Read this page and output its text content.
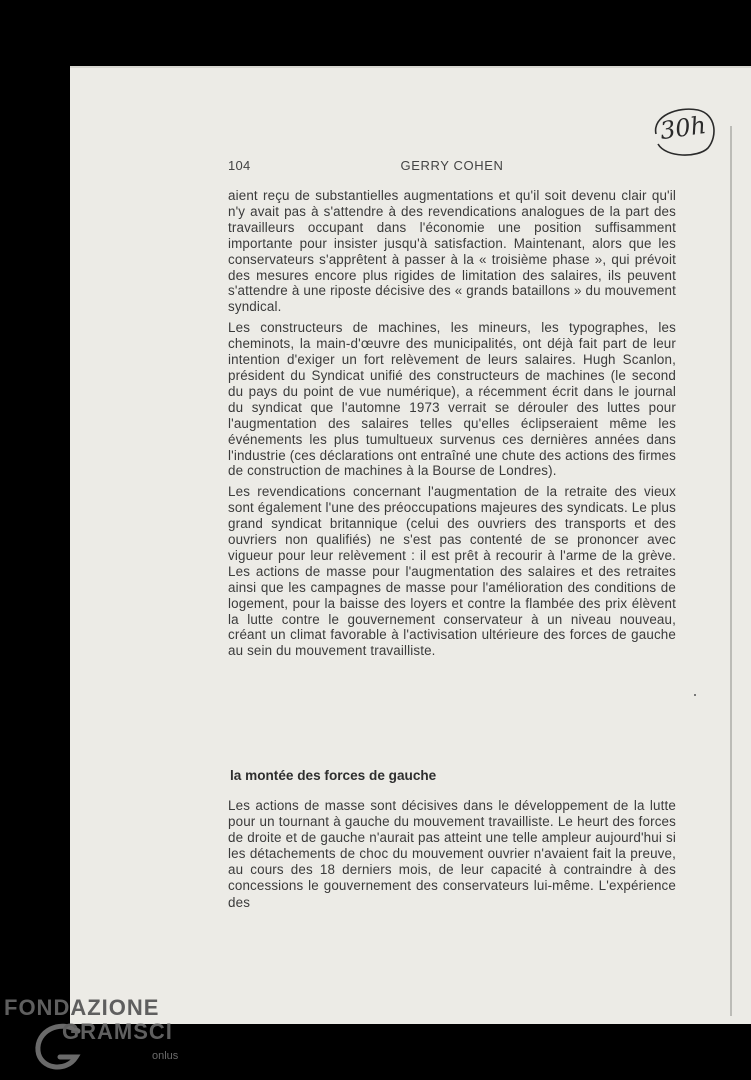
30h
104	GERRY COHEN

aient reçu de substantielles augmentations et qu'il soit devenu clair qu'il n'y avait pas à s'attendre à des revendications analogues de la part des travailleurs occupant dans l'économie une position suffisamment importante pour insister jusqu'à satisfaction. Maintenant, alors que les conservateurs s'apprêtent à passer à la « troisième phase », qui prévoit des mesures encore plus rigides de limitation des salaires, ils peuvent s'attendre à une riposte décisive des « grands bataillons » du mouvement syndical.

Les constructeurs de machines, les mineurs, les typographes, les cheminots, la main-d'œuvre des municipalités, ont déjà fait part de leur intention d'exiger un fort relèvement de leurs salaires. Hugh Scanlon, président du Syndicat unifié des constructeurs de machines (le second du pays du point de vue numérique), a récemment écrit dans le journal du syndicat que l'automne 1973 verrait se dérouler des luttes pour l'augmentation des salaires telles qu'elles éclipseraient même les événements les plus tumultueux survenus ces dernières années dans l'industrie (ces déclarations ont entraîné une chute des actions des firmes de construction de machines à la Bourse de Londres).

Les revendications concernant l'augmentation de la retraite des vieux sont également l'une des préoccupations majeures des syndicats. Le plus grand syndicat britannique (celui des ouvriers des transports et des ouvriers non qualifiés) ne s'est pas contenté de se prononcer avec vigueur pour leur relèvement : il est prêt à recourir à l'arme de la grève. Les actions de masse pour l'augmentation des salaires et des retraites ainsi que les campagnes de masse pour l'amélioration des conditions de logement, pour la baisse des loyers et contre la flambée des prix élèvent la lutte contre le gouvernement conservateur à un niveau nouveau, créant un climat favorable à l'activisation ultérieure des forces de gauche au sein du mouvement travailliste.

la montée des forces de gauche

Les actions de masse sont décisives dans le développement de la lutte pour un tournant à gauche du mouvement travailliste. Le heurt des forces de droite et de gauche n'aurait pas atteint une telle ampleur aujourd'hui si les détachements de choc du mouvement ouvrier n'avaient fait la preuve, au cours des 18 derniers mois, de leur capacité à contraindre à des concessions le gouvernement des conservateurs lui-même. L'expérience des

FONDAZIONE
GRAMSCI
onlus
